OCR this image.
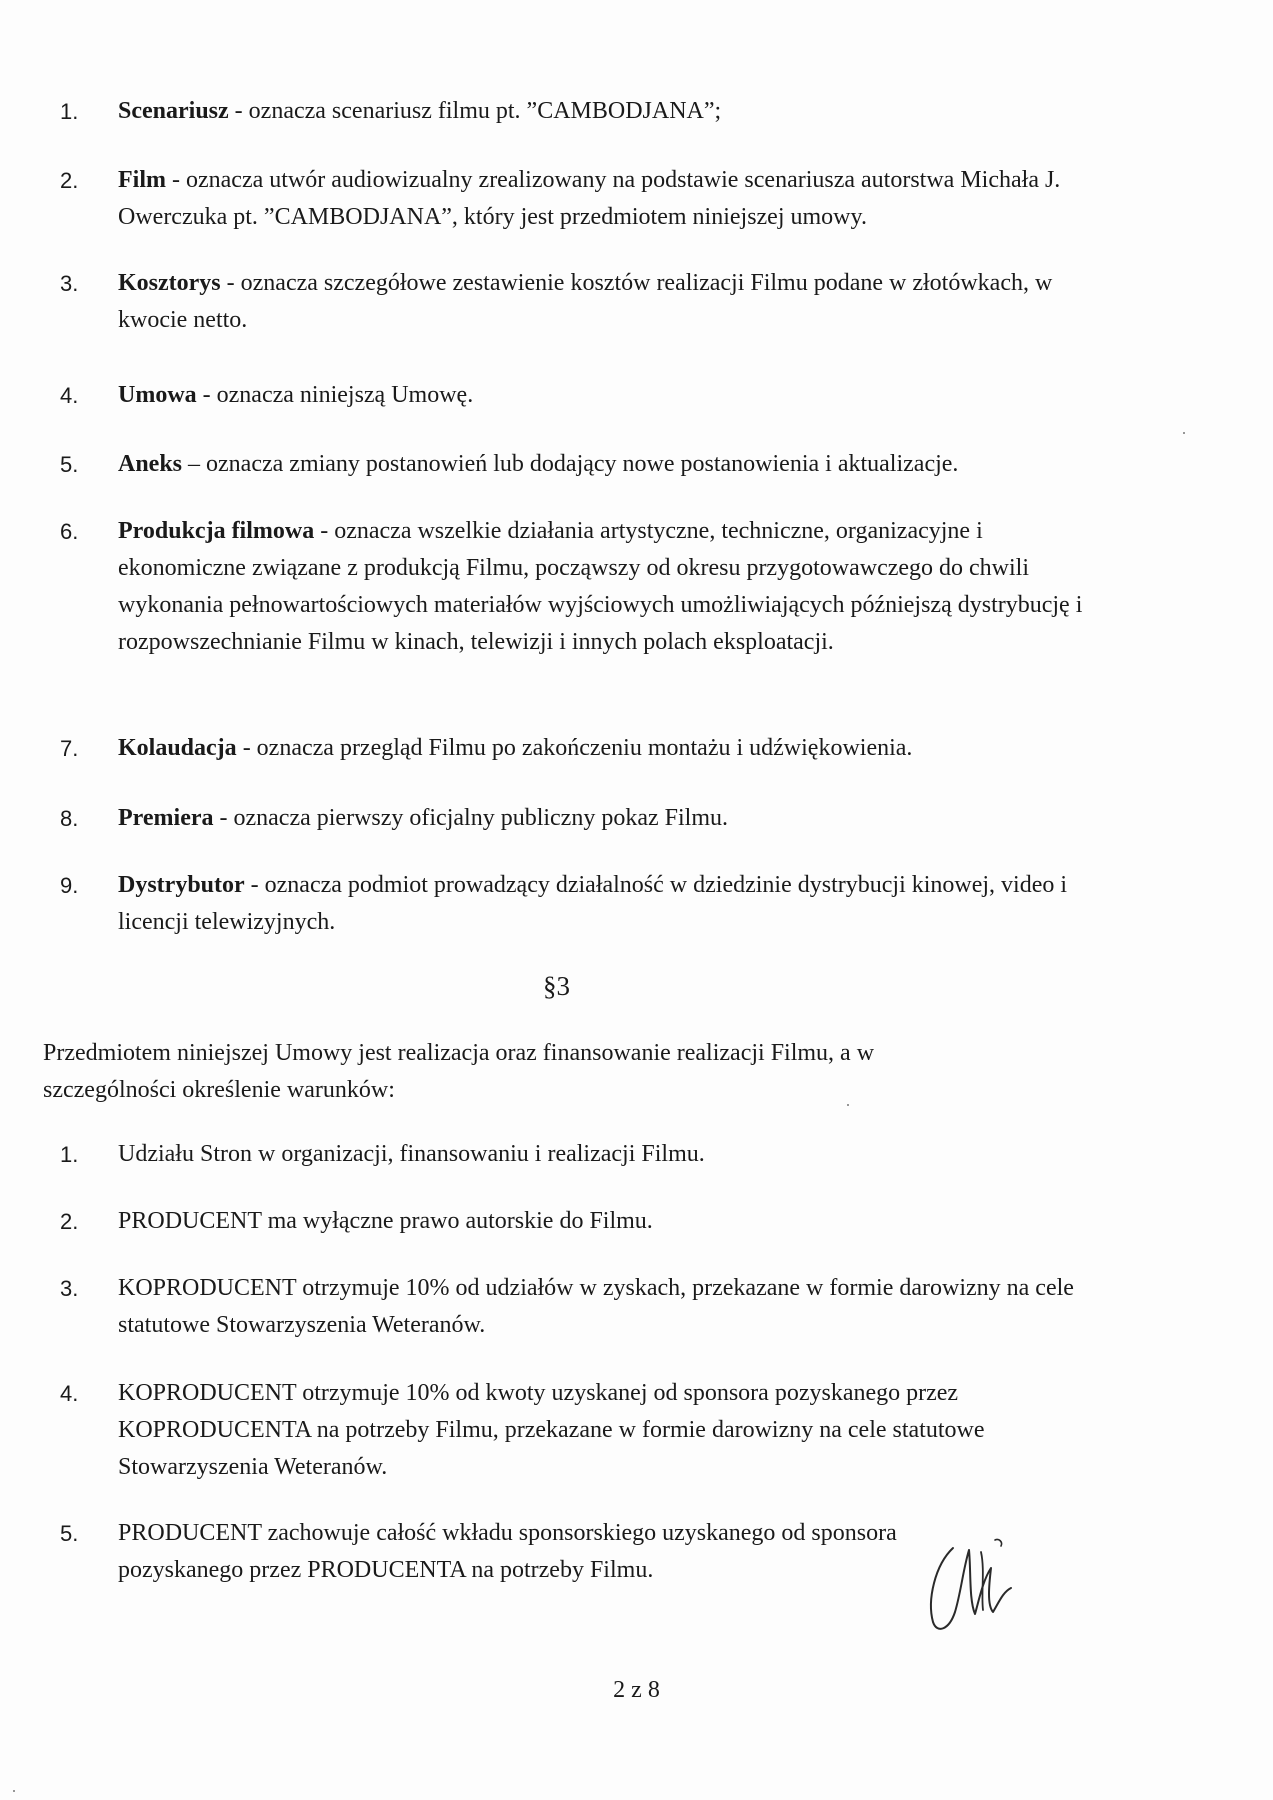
1.	Scenariusz - oznacza scenariusz filmu pt. ”CAMBODJANA”;
2.	Film - oznacza utwór audiowizualny zrealizowany na podstawie scenariusza autorstwa Michała J. Owerczuka pt. ”CAMBODJANA”, który jest przedmiotem niniejszej umowy.
3.	Kosztorys - oznacza szczegółowe zestawienie kosztów realizacji Filmu podane w złotówkach, w kwocie netto.
4.	Umowa - oznacza niniejszą Umowę.
5.	Aneks – oznacza zmiany postanowień lub dodający nowe postanowienia i aktualizacje.
6.	Produkcja filmowa - oznacza wszelkie działania artystyczne, techniczne, organizacyjne i ekonomiczne związane z produkcją Filmu, począwszy od okresu przygotowawczego do chwili wykonania pełnowartościowych materiałów wyjściowych umożliwiających późniejszą dystrybucję i rozpowszechnianie Filmu w kinach, telewizji i innych polach eksploatacji.
7.	Kolaudacja - oznacza przegląd Filmu po zakończeniu montażu i udźwiękowienia.
8.	Premiera - oznacza pierwszy oficjalny publiczny pokaz Filmu.
9.	Dystrybutor - oznacza podmiot prowadzący działalność w dziedzinie dystrybucji kinowej, video i licencji telewizyjnych.
§3
Przedmiotem niniejszej Umowy jest realizacja oraz finansowanie realizacji Filmu, a w szczególności określenie warunków:
1.	Udziału Stron w organizacji, finansowaniu i realizacji Filmu.
2.	PRODUCENT ma wyłączne prawo autorskie do Filmu.
3.	KOPRODUCENT otrzymuje 10% od udziałów w zyskach, przekazane w formie darowizny na cele statutowe Stowarzyszenia Weteranów.
4.	KOPRODUCENT otrzymuje 10% od kwoty uzyskanej od sponsora pozyskanego przez KOPRODUCENTA na potrzeby Filmu, przekazane w formie darowizny na cele statutowe Stowarzyszenia Weteranów.
5.	PRODUCENT zachowuje całość wkładu sponsorskiego uzyskanego od sponsora pozyskanego przez PRODUCENTA na potrzeby Filmu.
2 z 8
